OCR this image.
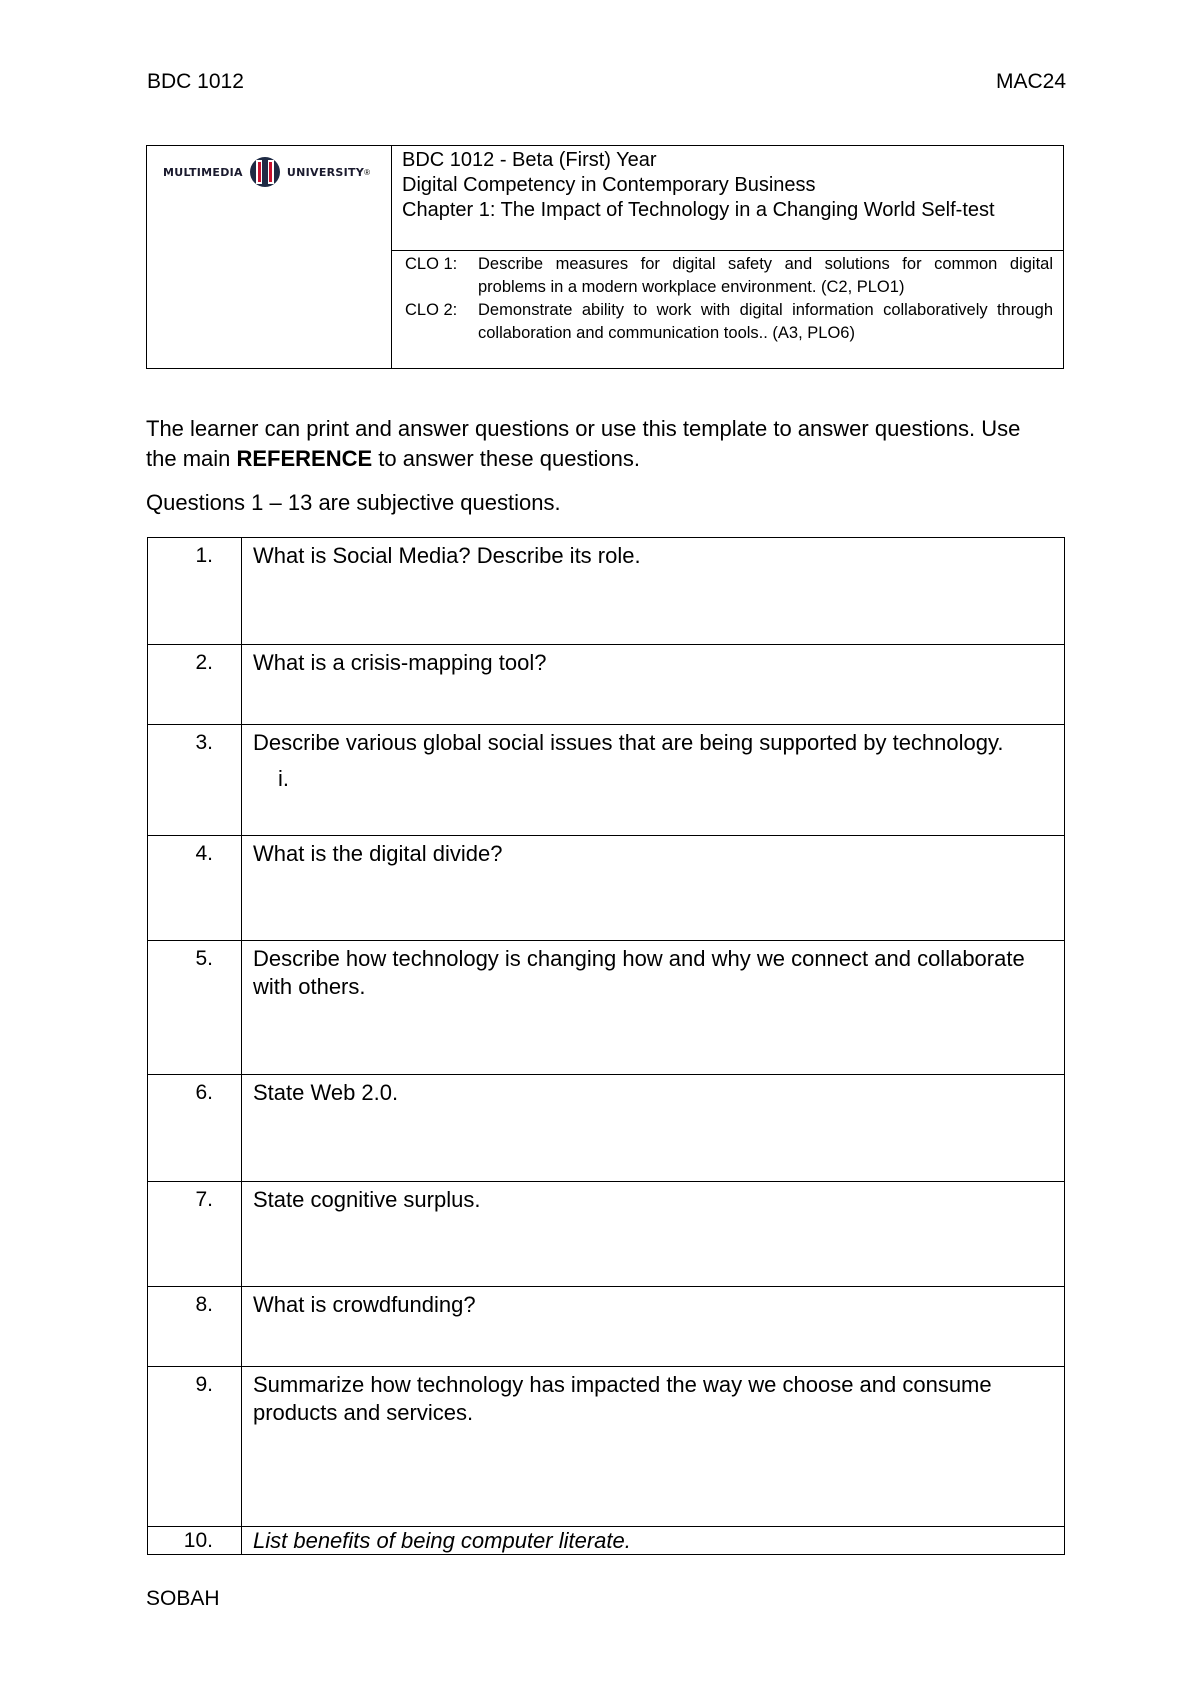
BDC 1012	MAC24
MULTIMEDIA	UNIVERSITY ®
BDC 1012 - Beta (First) Year
Digital Competency in Contemporary Business
Chapter 1: The Impact of Technology in a Changing World Self-test
CLO 1:	Describe measures for digital safety and solutions for common digital problems in a modern workplace environment. (C2, PLO1)
CLO 2:	Demonstrate ability to work with digital information collaboratively through collaboration and communication tools.. (A3, PLO6)
The learner can print and answer questions or use this template to answer questions. Use the main REFERENCE to answer these questions.
Questions 1 – 13 are subjective questions.
1.	What is Social Media? Describe its role.
2.	What is a crisis-mapping tool?
3.	Describe various global social issues that are being supported by technology.
i.
4.	What is the digital divide?
5.	Describe how technology is changing how and why we connect and collaborate with others.
6.	State Web 2.0.
7.	State cognitive surplus.
8.	What is crowdfunding?
9.	Summarize how technology has impacted the way we choose and consume products and services.
10.	List benefits of being computer literate.
SOBAH
